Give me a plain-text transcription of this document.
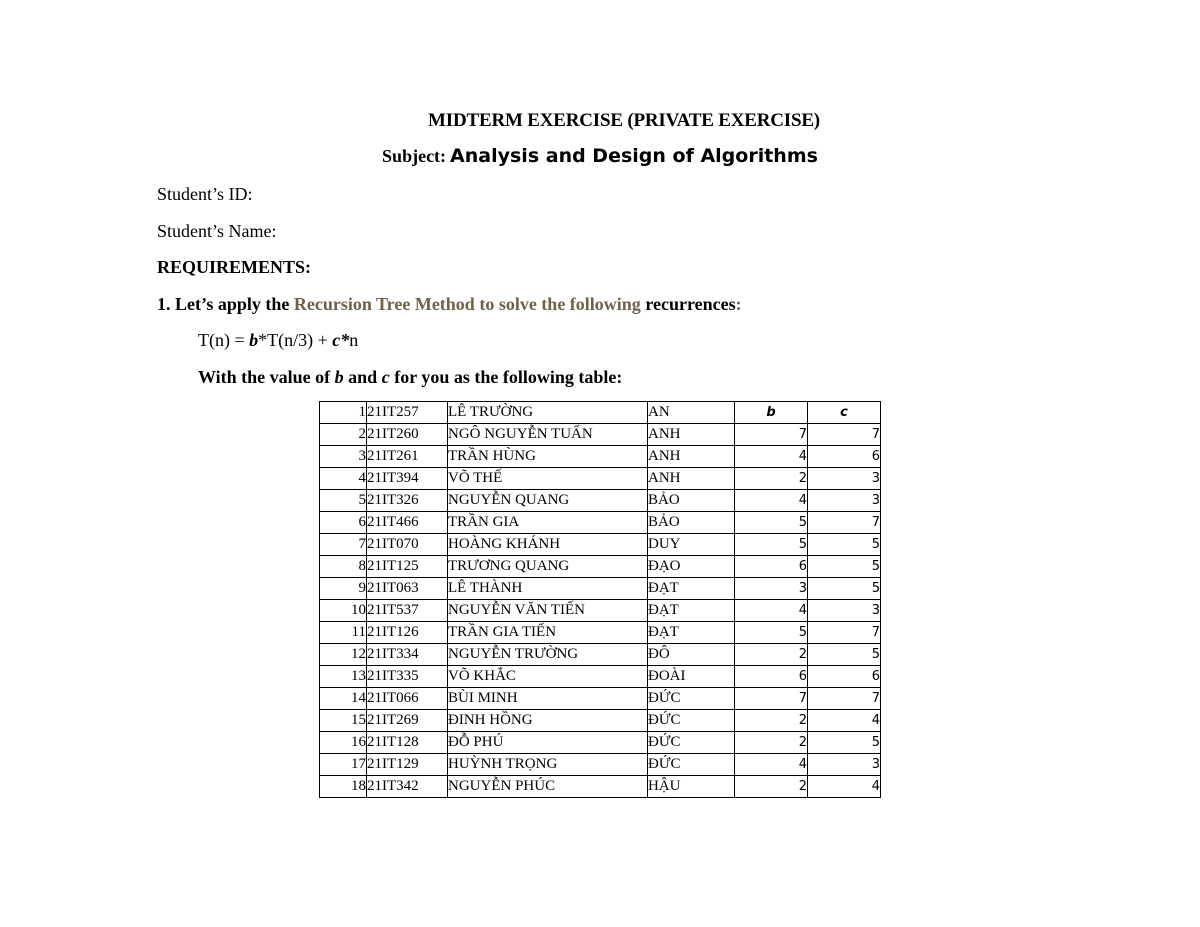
MIDTERM EXERCISE (PRIVATE EXERCISE)
Subject: Analysis and Design of Algorithms
Student’s ID:
Student’s Name:
REQUIREMENTS:
1. Let’s apply the Recursion Tree Method to solve the following recurrences:
T(n) = b*T(n/3) + c*n
With the value of b and c for you as the following table:
1	21IT257	LÊ TRƯỜNG	AN	b	c
2	21IT260	NGÔ NGUYỄN TUẤN	ANH	7	7
3	21IT261	TRẦN HÙNG	ANH	4	6
4	21IT394	VÕ THẾ	ANH	2	3
5	21IT326	NGUYỄN QUANG	BẢO	4	3
6	21IT466	TRẦN GIA	BẢO	5	7
7	21IT070	HOÀNG KHÁNH	DUY	5	5
8	21IT125	TRƯƠNG QUANG	ĐẠO	6	5
9	21IT063	LÊ THÀNH	ĐẠT	3	5
10	21IT537	NGUYỄN VĂN TIẾN	ĐẠT	4	3
11	21IT126	TRẦN GIA TIẾN	ĐẠT	5	7
12	21IT334	NGUYỄN TRƯỜNG	ĐÔ	2	5
13	21IT335	VÕ KHẮC	ĐOÀI	6	6
14	21IT066	BÙI MINH	ĐỨC	7	7
15	21IT269	ĐINH HỒNG	ĐỨC	2	4
16	21IT128	ĐỖ PHÚ	ĐỨC	2	5
17	21IT129	HUỲNH TRỌNG	ĐỨC	4	3
18	21IT342	NGUYỄN PHÚC	HẬU	2	4
